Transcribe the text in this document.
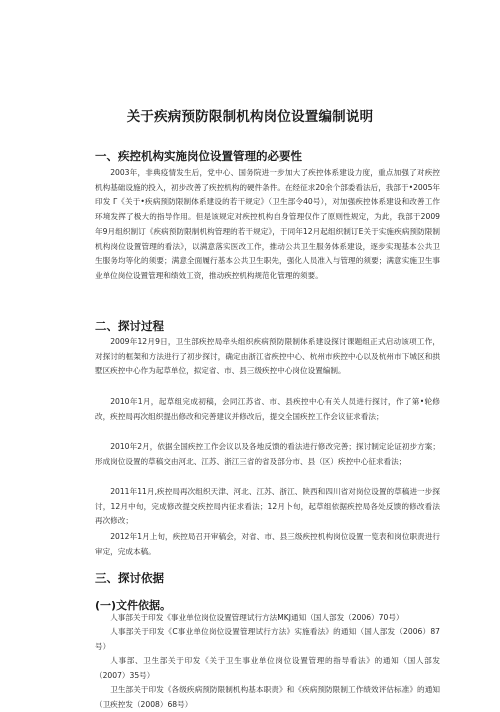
关于疾病预防限制机构岗位设置编制说明
一、疾控机构实施岗位设置管理的必要性

2003年，非典疫情发生后，党中心、国务院进一步加大了疾控体系建设力度，重点加强了对疾控机构基础设施的投入，初步改善了疾控机构的硬件条件。在经征求20余个部委看法后，我部于•2005年印发 Γ《关于•疾病预防限制体系建设的若干规定》（卫生部令40号），对加强疾控体系建设和改善工作环境发挥了极大的指导作用。但是该规定对疾控机构自身管理仅作了原则性规定，为此，我部于2009年9月组织制订《疾病预防限制机构管理的若干规定》，于同年12月起组织制订E关于实施疾病预防限制机构岗位设置管理的看法》，以满意落实医改工作，推动公共卫生服务体系建设，逐步实现基本公共卫生服务均等化的须要；满意全面履行基本公共卫生职先，强化人员准入与管理的须要；满意实施卫生事业单位岗位设置管理和绩效工资，推动疾控机构规范化管理的须要。

二、探讨过程

2009年12月9日，卫生部疾控局牵头组织疾病预防限制体系建设探讨课题组正式启动该项工作，对探讨的框架和方法进行了初步探讨，确定由浙江省疾控中心、杭州市疾控中心以及杭州市下城区和拱墅区疾控中心作为起草单位，拟定省、市、县三级疾控中心岗位设置编制。

2010年1月，起草组完成初稿，会同江苏省、市、县疾控中心有关人员进行探讨，作了第•轮修改，疾控局再次组织提出修改和完善建议并修改后，提交全国疾控工作会议征求看法；

2010年2月，依据全国疾控工作会议以及各地反馈的看法进行修改完善；探讨制定论证初步方案；形成岗位设置的草稿交由河北、江苏、浙江三省的省及部分市、县（区）疾控中心征求看法；

2011年11月,疾控局再次组织天津、河北、江苏、浙江、陕西和四川省对岗位设置的草稿进一步探讨，12月中旬，完成修改提交疾控局内征求看法；12月卜旬，起草组依据疾控局各处反馈的修改看法再次修改；

2012年1月上旬，疾控局召开审稿会，对省、市、县三级疾控机构岗位设置一览表和岗位职责进行审定，完成本稿。

三、探讨依据
(一)文件依据。

人事部关于印发《事业单位岗位设置管理试行方法MKJ通知（国人部发（2006）70号）

人事部关于印发《C事业单位岗位设置管理试行方法》实施看法》的通知（国人部发（2006）87号）

人事部、卫生部关于印发《关于卫生事业单位岗位设置管理的指导看法》的通知（国人部发（2007）35号）

卫生部关于印发《各级疾病预防限制机构基本职责》和《疾病预防限制工作绩效评估标准》的通知（卫疾控发（2008）68号）
